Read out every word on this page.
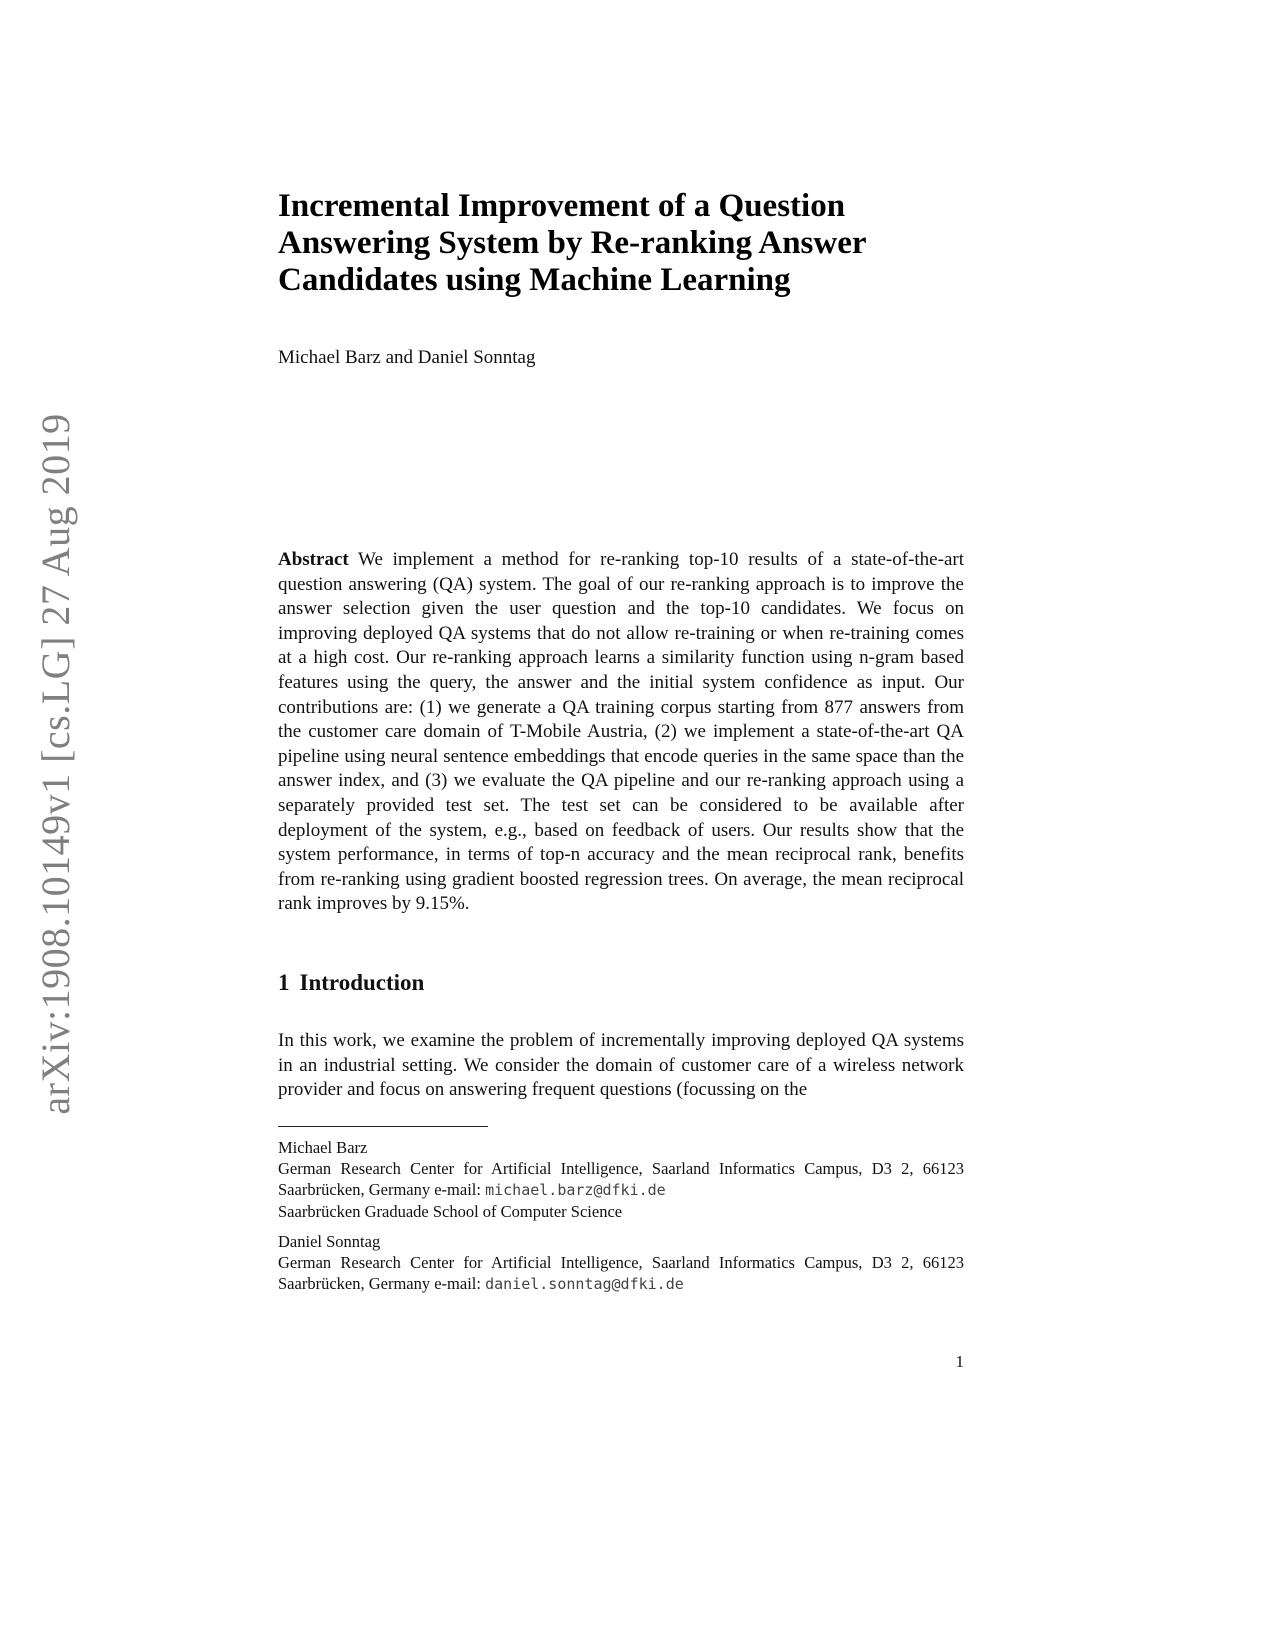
arXiv:1908.10149v1 [cs.LG] 27 Aug 2019
Incremental Improvement of a Question
Answering System by Re-ranking Answer
Candidates using Machine Learning
Michael Barz and Daniel Sonntag
Abstract We implement a method for re-ranking top-10 results of a state-of-the-art question answering (QA) system. The goal of our re-ranking approach is to improve the answer selection given the user question and the top-10 candidates. We focus on improving deployed QA systems that do not allow re-training or when re-training comes at a high cost. Our re-ranking approach learns a similarity function using n-gram based features using the query, the answer and the initial system confidence as input. Our contributions are: (1) we generate a QA training corpus starting from 877 answers from the customer care domain of T-Mobile Austria, (2) we implement a state-of-the-art QA pipeline using neural sentence embeddings that encode queries in the same space than the answer index, and (3) we evaluate the QA pipeline and our re-ranking approach using a separately provided test set. The test set can be considered to be available after deployment of the system, e.g., based on feedback of users. Our results show that the system performance, in terms of top-n accuracy and the mean reciprocal rank, benefits from re-ranking using gradient boosted regression trees. On average, the mean reciprocal rank improves by 9.15%.
1 Introduction
In this work, we examine the problem of incrementally improving deployed QA systems in an industrial setting. We consider the domain of customer care of a wireless network provider and focus on answering frequent questions (focussing on the
Michael Barz
German Research Center for Artificial Intelligence, Saarland Informatics Campus, D3 2, 66123 Saarbrücken, Germany e-mail: michael.barz@dfki.de
Saarbrücken Graduade School of Computer Science
Daniel Sonntag
German Research Center for Artificial Intelligence, Saarland Informatics Campus, D3 2, 66123 Saarbrücken, Germany e-mail: daniel.sonntag@dfki.de
1
